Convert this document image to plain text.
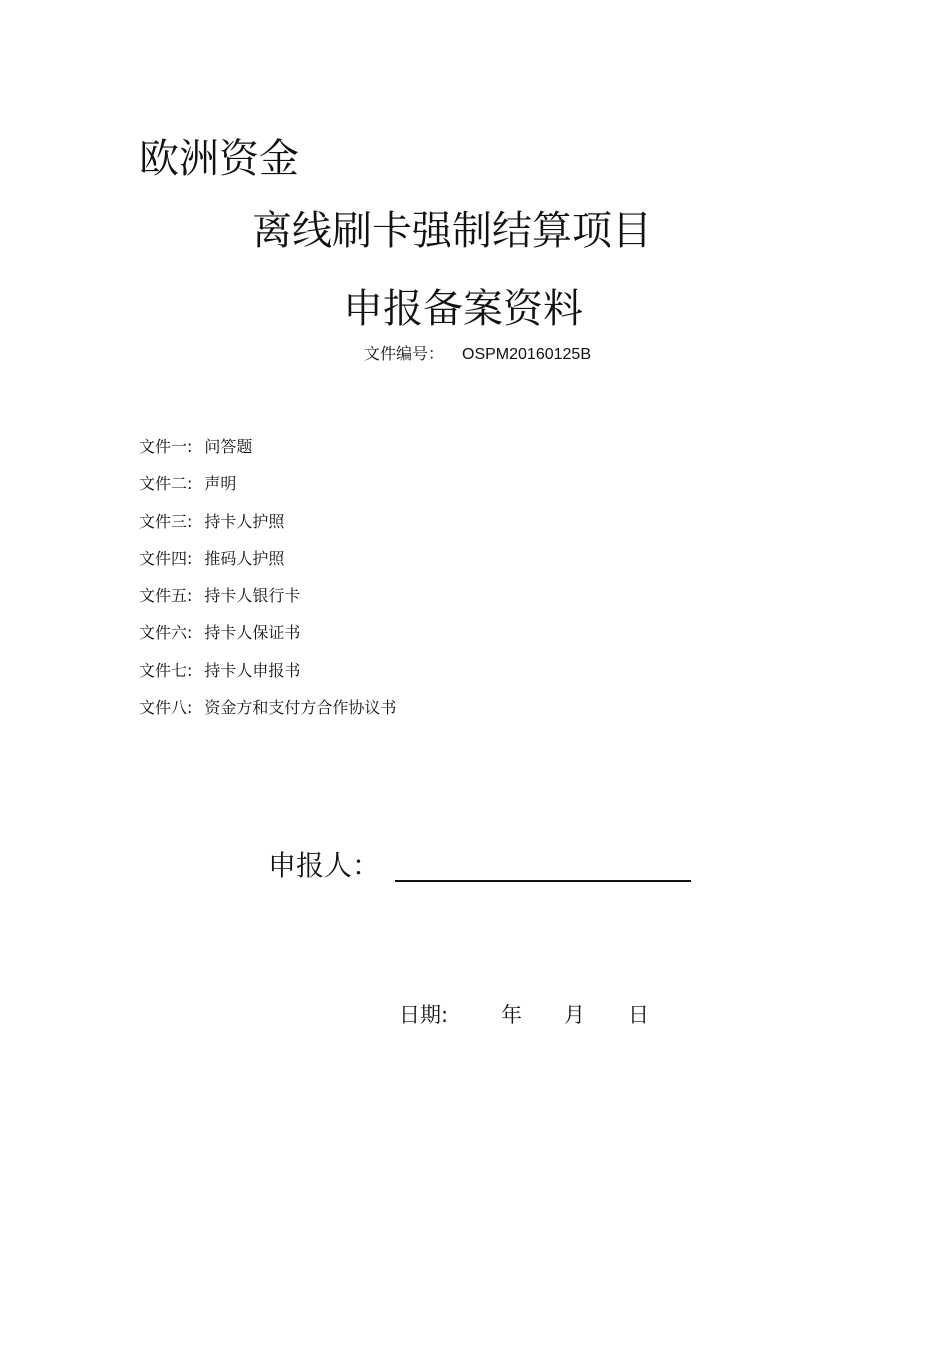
欧洲资金
离线刷卡强制结算项目
申报备案资料
文件编号： OSPM20160125B
文件一: 问答题
文件二: 声明
文件三: 持卡人护照
文件四: 推码人护照
文件五: 持卡人银行卡
文件六: 持卡人保证书
文件七: 持卡人申报书
文件八: 资金方和支付方合作协议书
申报人：
日期:	年 月 日
